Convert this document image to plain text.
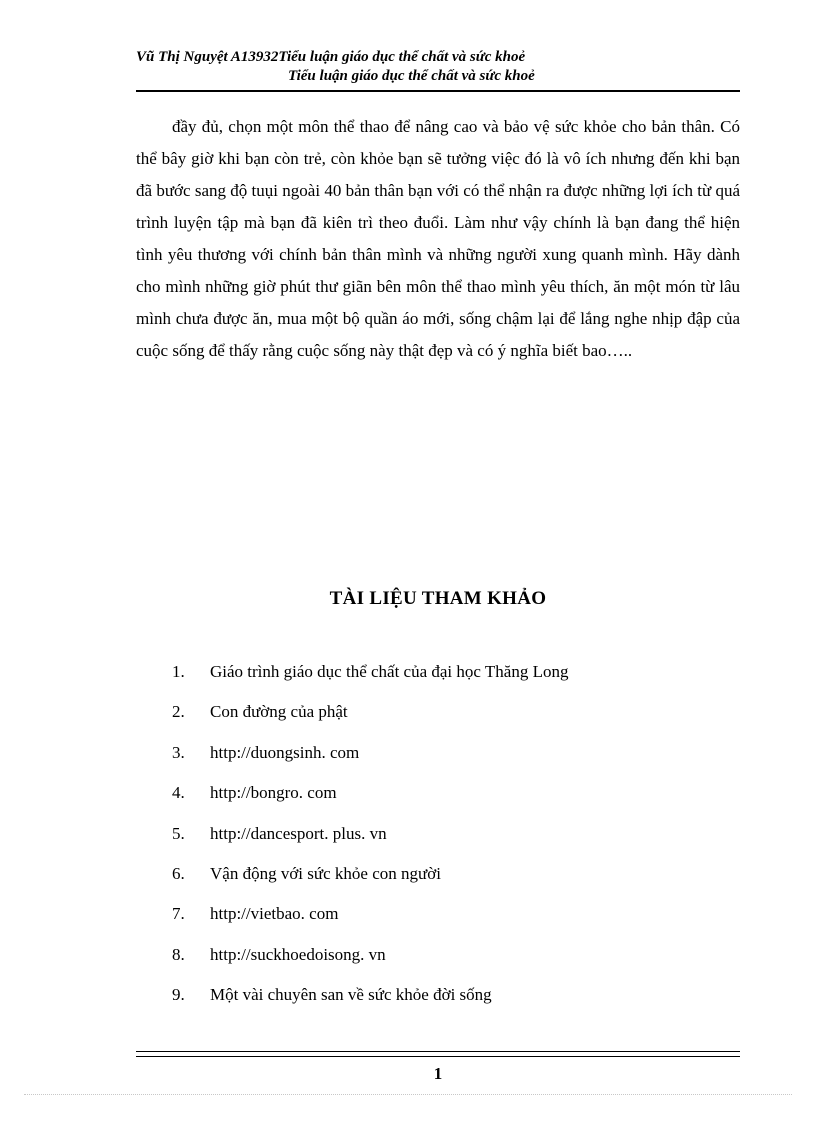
Vũ Thị Nguyệt A13932Tiểu luận giáo dục thể chất và sức khoẻ
Tiểu luận giáo dục thể chất và sức khoẻ

đầy đủ, chọn một môn thể thao để nâng cao và bảo vệ sức khỏe cho bản thân. Có thể bây giờ khi bạn còn trẻ, còn khỏe bạn sẽ tưởng việc đó là vô ích nhưng đến khi bạn đã bước sang độ tuụi ngoài 40 bản thân bạn với có thể nhận ra được những lợi ích từ quá trình luyện tập mà bạn đã kiên trì theo đuổi. Làm như vậy chính là bạn đang thể hiện tình yêu thương với chính bản thân mình và những người xung quanh mình. Hãy dành cho mình những giờ phút thư giãn bên môn thể thao mình yêu thích, ăn một món từ lâu mình chưa được ăn, mua một bộ quần áo mới, sống chậm lại để lắng nghe nhịp đập của cuộc sống để thấy rằng cuộc sống này thật đẹp và có ý nghĩa biết bao…..

TÀI LIỆU THAM KHẢO
1.	Giáo trình giáo dục thể chất của đại học Thăng Long
2.	Con đường của phật
3.	http://duongsinh. com
4.	http://bongro. com
5.	http://dancesport. plus. vn
6.	Vận động với sức khỏe con người
7.	http://vietbao. com
8.	http://suckhoedoisong. vn
9.	Một vài chuyên san về sức khỏe đời sống
1
